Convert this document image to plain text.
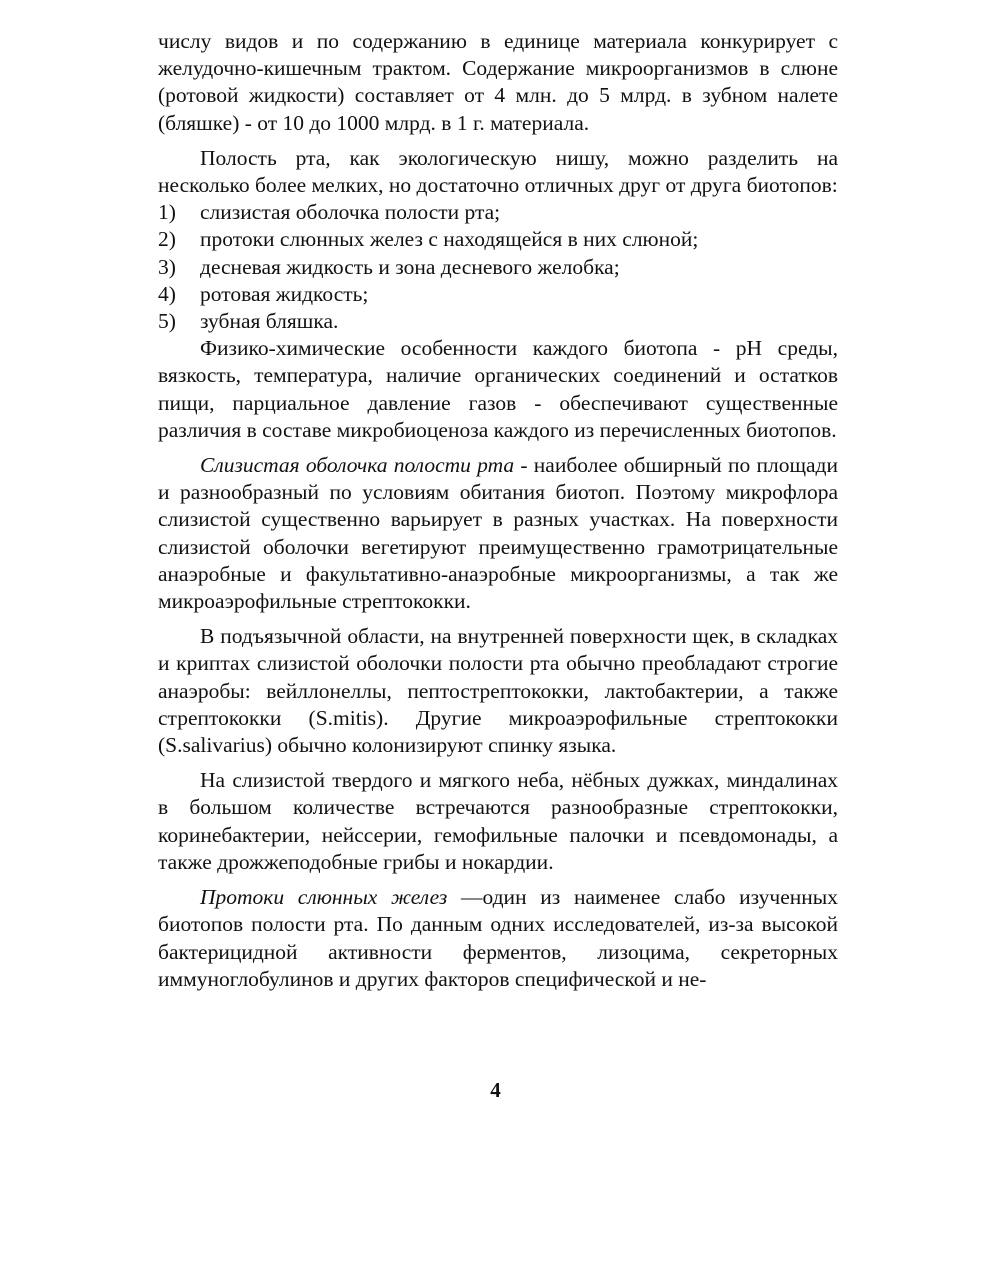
числу видов и по содержанию в единице материала конкурирует с желудочно-кишечным трактом. Содержание микроорганизмов в слюне (ротовой жидкости) составляет от 4 млн. до 5 млрд. в зубном налете (бляшке) - от 10 до 1000 млрд. в 1 г. материала.

Полость рта, как экологическую нишу, можно разделить на несколько более мелких, но достаточно отличных друг от друга биотопов:

1)	слизистая оболочка полости рта;
2)	протоки слюнных желез с находящейся в них слюной;
3)	десневая жидкость и зона десневого желобка;
4)	ротовая жидкость;
5)	зубная бляшка.

Физико-химические особенности каждого биотопа - pH среды, вязкость, температура, наличие органических соединений и остатков пищи, парциальное давление газов - обеспечивают существенные различия в составе микробиоценоза каждого из перечисленных биотопов.

Слизистая оболочка полости рта - наиболее обширный по площади и разнообразный по условиям обитания биотоп. Поэтому микрофлора слизистой существенно варьирует в разных участках. На поверхности слизистой оболочки вегетируют преимущественно грамотрицательные анаэробные и факультативно-анаэробные микроорганизмы, а так же микроаэрофильные стрептококки.

В подъязычной области, на внутренней поверхности щек, в складках и криптах слизистой оболочки полости рта обычно преобладают строгие анаэробы: вейллонеллы, пептострептококки, лактобактерии, а также стрептококки (S.mitis). Другие микроаэрофильные стрептококки (S.salivarius) обычно колонизируют спинку языка.

На слизистой твердого и мягкого неба, нёбных дужках, миндалинах в большом количестве встречаются разнообразные стрептококки, коринебактерии, нейссерии, гемофильные палочки и псевдомонады, а также дрожжеподобные грибы и нокардии.

Протоки слюнных желез —один из наименее слабо изученных биотопов полости рта. По данным одних исследователей, из-за высокой бактерицидной активности ферментов, лизоцима, секреторных иммуноглобулинов и других факторов специфической и не-

4
